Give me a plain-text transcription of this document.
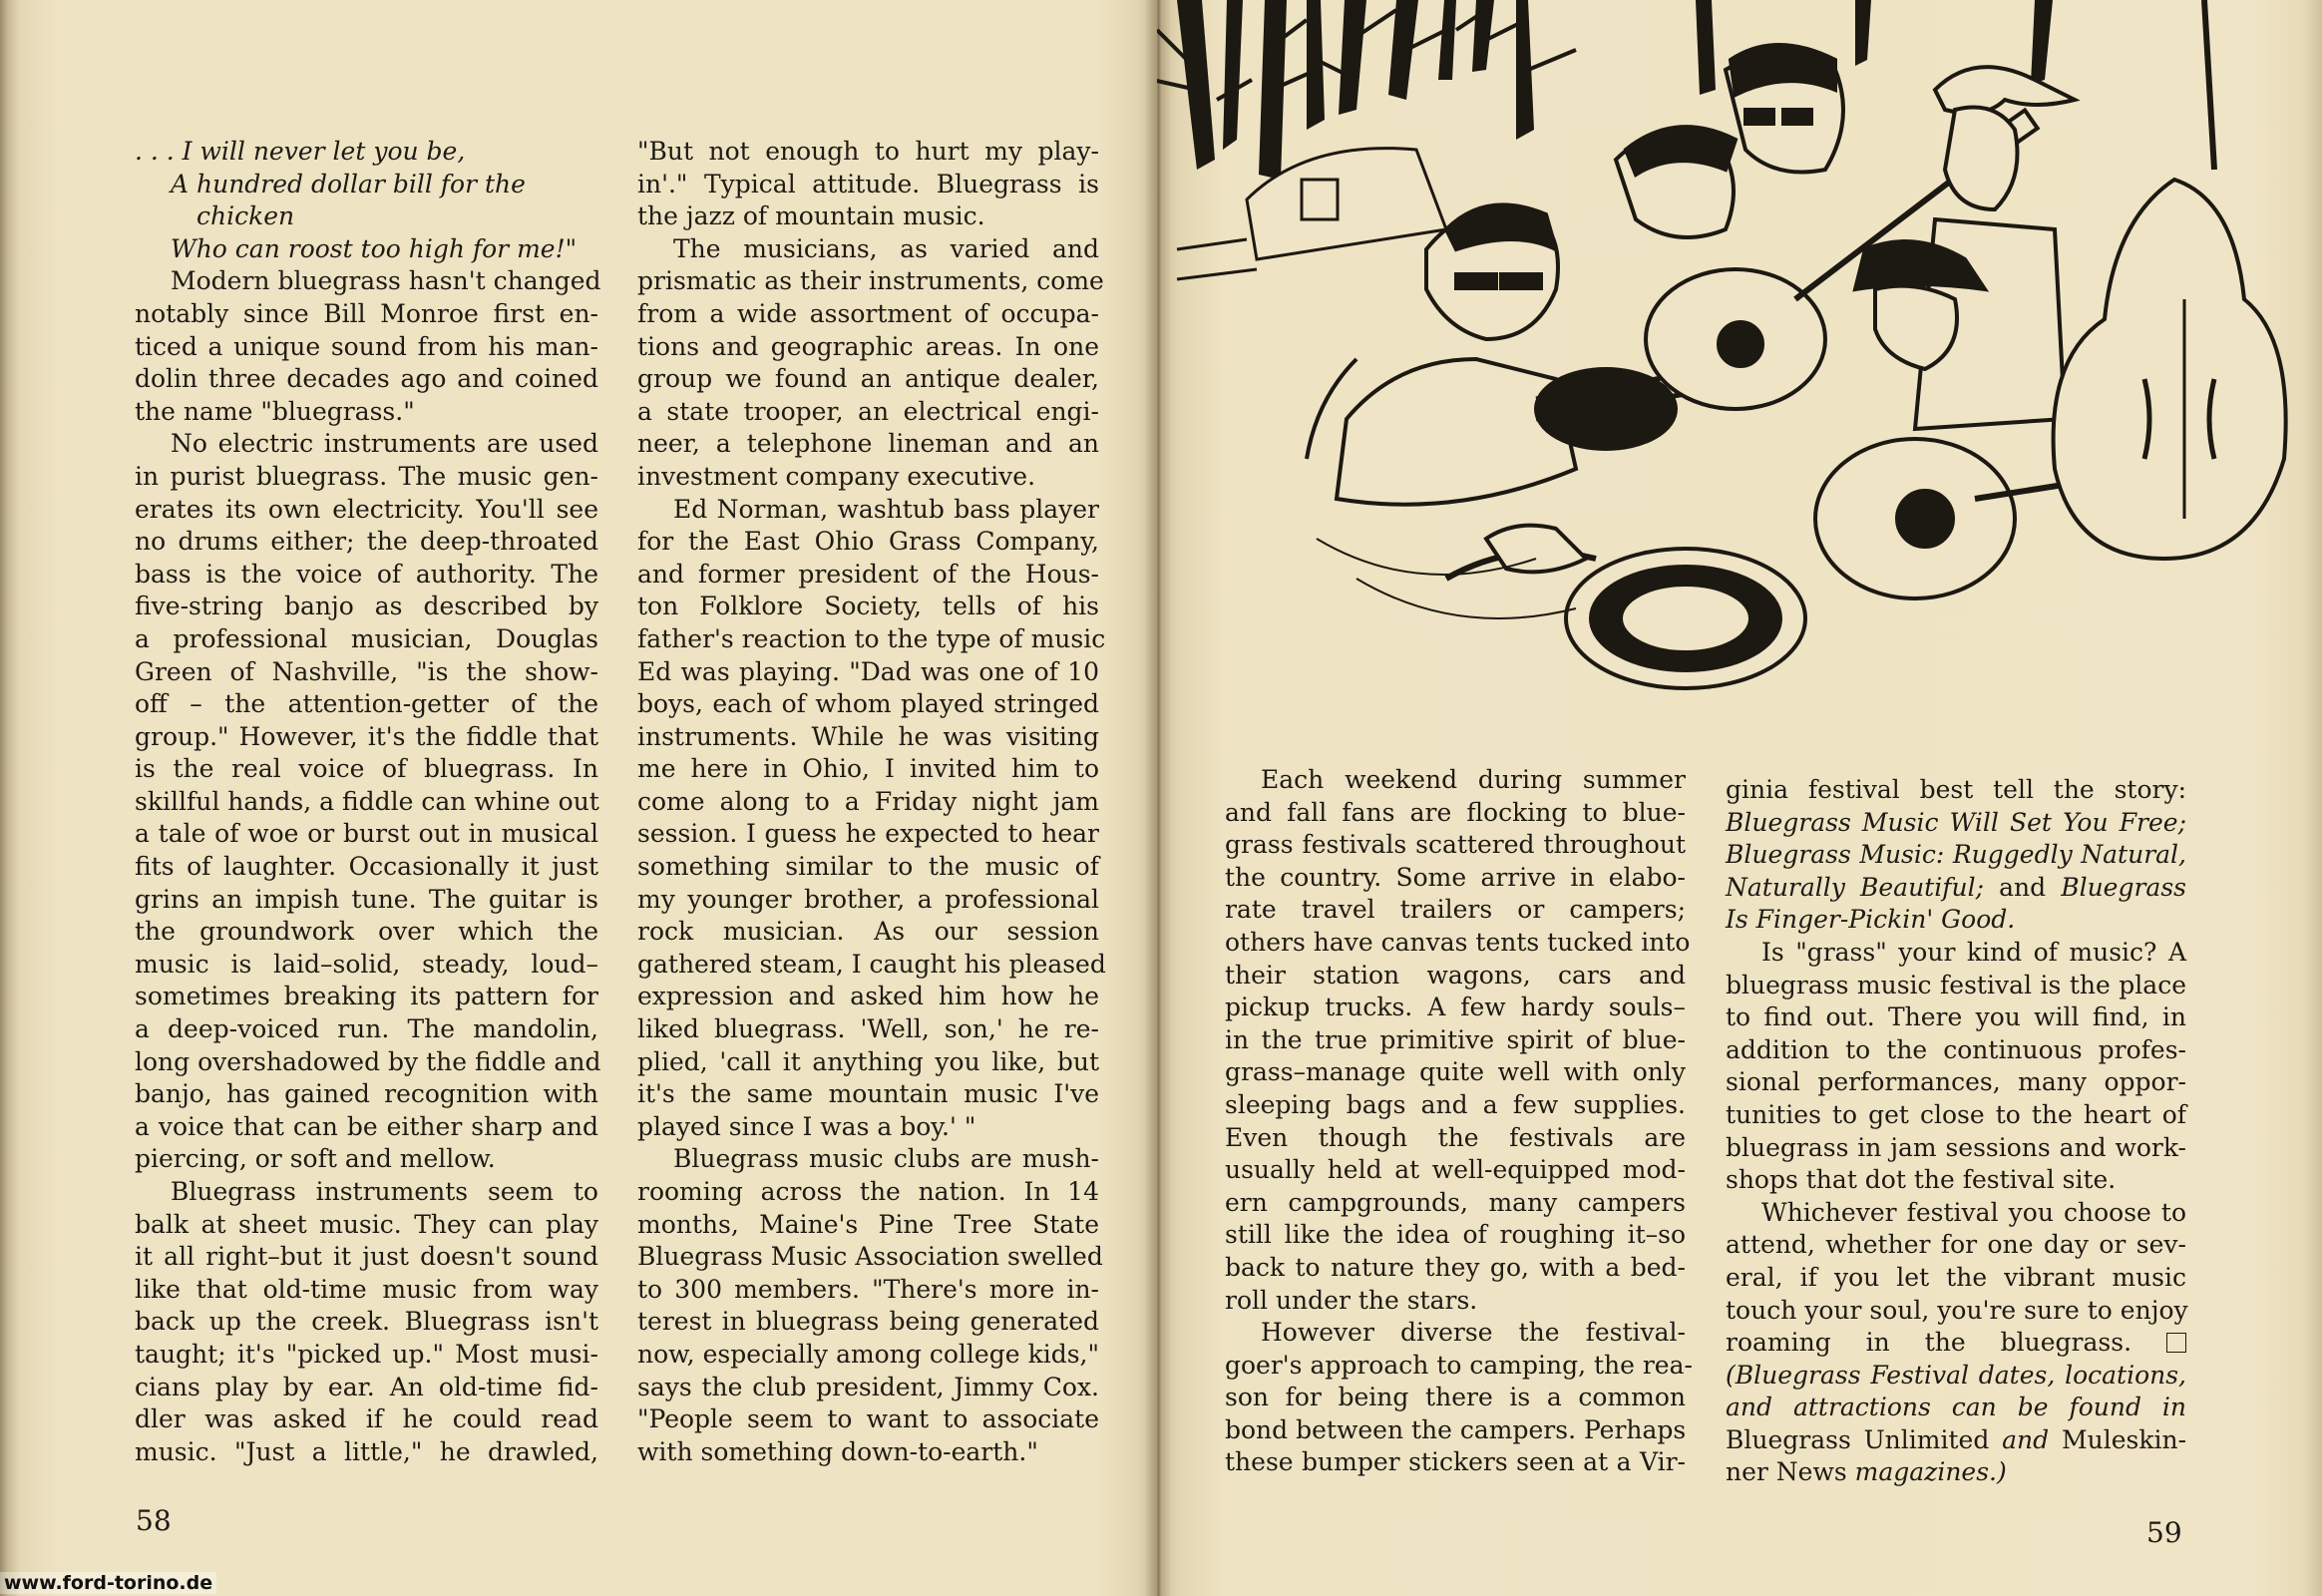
. . . I will never let you be,
A hundred dollar bill for the
chicken
Who can roost too high for me!"
Modern bluegrass hasn't changed
notably since Bill Monroe first en-
ticed a unique sound from his man-
dolin three decades ago and coined
the name "bluegrass."
No electric instruments are used
in purist bluegrass. The music gen-
erates its own electricity. You'll see
no drums either; the deep-throated
bass is the voice of authority. The
five-string banjo as described by
a professional musician, Douglas
Green of Nashville, "is the show-
off – the attention-getter of the
group." However, it's the fiddle that
is the real voice of bluegrass. In
skillful hands, a fiddle can whine out
a tale of woe or burst out in musical
fits of laughter. Occasionally it just
grins an impish tune. The guitar is
the groundwork over which the
music is laid–solid, steady, loud–
sometimes breaking its pattern for
a deep-voiced run. The mandolin,
long overshadowed by the fiddle and
banjo, has gained recognition with
a voice that can be either sharp and
piercing, or soft and mellow.
Bluegrass instruments seem to
balk at sheet music. They can play
it all right–but it just doesn't sound
like that old-time music from way
back up the creek. Bluegrass isn't
taught; it's "picked up." Most musi-
cians play by ear. An old-time fid-
dler was asked if he could read
music. "Just a little," he drawled,
"But not enough to hurt my play-
in'." Typical attitude. Bluegrass is
the jazz of mountain music.
The musicians, as varied and
prismatic as their instruments, come
from a wide assortment of occupa-
tions and geographic areas. In one
group we found an antique dealer,
a state trooper, an electrical engi-
neer, a telephone lineman and an
investment company executive.
Ed Norman, washtub bass player
for the East Ohio Grass Company,
and former president of the Hous-
ton Folklore Society, tells of his
father's reaction to the type of music
Ed was playing. "Dad was one of 10
boys, each of whom played stringed
instruments. While he was visiting
me here in Ohio, I invited him to
come along to a Friday night jam
session. I guess he expected to hear
something similar to the music of
my younger brother, a professional
rock musician. As our session
gathered steam, I caught his pleased
expression and asked him how he
liked bluegrass. 'Well, son,' he re-
plied, 'call it anything you like, but
it's the same mountain music I've
played since I was a boy.' "
Bluegrass music clubs are mush-
rooming across the nation. In 14
months, Maine's Pine Tree State
Bluegrass Music Association swelled
to 300 members. "There's more in-
terest in bluegrass being generated
now, especially among college kids,"
says the club president, Jimmy Cox.
"People seem to want to associate
with something down-to-earth."
Each weekend during summer
and fall fans are flocking to blue-
grass festivals scattered throughout
the country. Some arrive in elabo-
rate travel trailers or campers;
others have canvas tents tucked into
their station wagons, cars and
pickup trucks. A few hardy souls–
in the true primitive spirit of blue-
grass–manage quite well with only
sleeping bags and a few supplies.
Even though the festivals are
usually held at well-equipped mod-
ern campgrounds, many campers
still like the idea of roughing it–so
back to nature they go, with a bed-
roll under the stars.
However diverse the festival-
goer's approach to camping, the rea-
son for being there is a common
bond between the campers. Perhaps
these bumper stickers seen at a Vir-
ginia festival best tell the story:
Bluegrass Music Will Set You Free;
Bluegrass Music: Ruggedly Natural,
Naturally Beautiful; and Bluegrass
Is Finger-Pickin' Good.
Is "grass" your kind of music? A
bluegrass music festival is the place
to find out. There you will find, in
addition to the continuous profes-
sional performances, many oppor-
tunities to get close to the heart of
bluegrass in jam sessions and work-
shops that dot the festival site.
Whichever festival you choose to
attend, whether for one day or sev-
eral, if you let the vibrant music
touch your soul, you're sure to enjoy
roaming in the bluegrass.
(Bluegrass Festival dates, locations,
and attractions can be found in
Bluegrass Unlimited and Muleskin-
ner News magazines.)
58	59
www.ford-torino.de
